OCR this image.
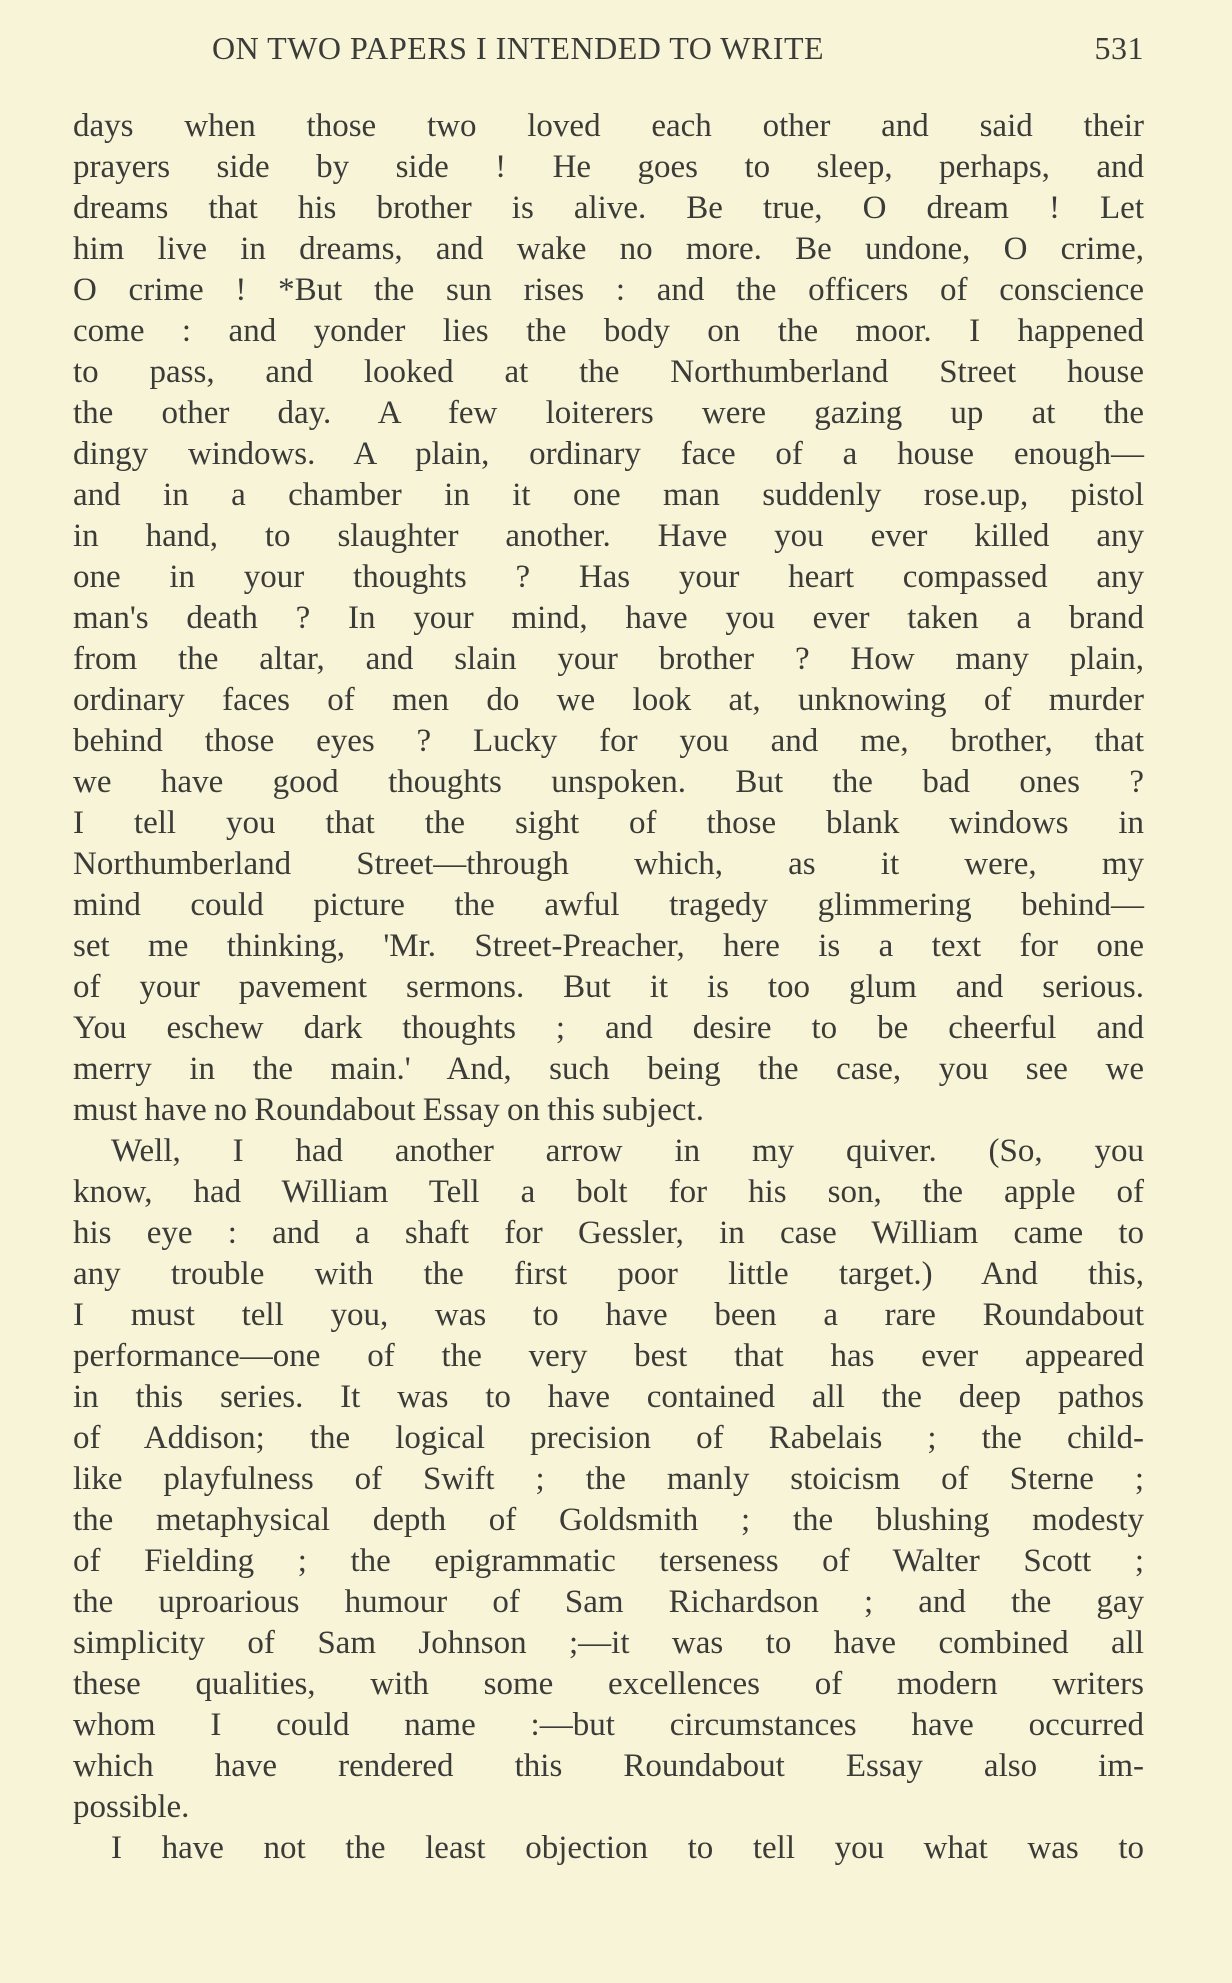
ON TWO PAPERS I INTENDED TO WRITE	531
days when those two loved each other and said their
prayers side by side ! He goes to sleep, perhaps, and
dreams that his brother is alive. Be true, O dream ! Let
him live in dreams, and wake no more. Be undone, O crime,
O crime ! *But the sun rises : and the officers of conscience
come : and yonder lies the body on the moor. I happened
to pass, and looked at the Northumberland Street house
the other day. A few loiterers were gazing up at the
dingy windows. A plain, ordinary face of a house enough—
and in a chamber in it one man suddenly rose.up, pistol
in hand, to slaughter another. Have you ever killed any
one in your thoughts ? Has your heart compassed any
man's death ? In your mind, have you ever taken a brand
from the altar, and slain your brother ? How many plain,
ordinary faces of men do we look at, unknowing of murder
behind those eyes ? Lucky for you and me, brother, that
we have good thoughts unspoken. But the bad ones ?
I tell you that the sight of those blank windows in
Northumberland Street—through which, as it were, my
mind could picture the awful tragedy glimmering behind—
set me thinking, 'Mr. Street-Preacher, here is a text for one
of your pavement sermons. But it is too glum and serious.
You eschew dark thoughts ; and desire to be cheerful and
merry in the main.' And, such being the case, you see we
must have no Roundabout Essay on this subject.
Well, I had another arrow in my quiver. (So, you
know, had William Tell a bolt for his son, the apple of
his eye : and a shaft for Gessler, in case William came to
any trouble with the first poor little target.) And this,
I must tell you, was to have been a rare Roundabout
performance—one of the very best that has ever appeared
in this series. It was to have contained all the deep pathos
of Addison; the logical precision of Rabelais ; the child-
like playfulness of Swift ; the manly stoicism of Sterne ;
the metaphysical depth of Goldsmith ; the blushing modesty
of Fielding ; the epigrammatic terseness of Walter Scott ;
the uproarious humour of Sam Richardson ; and the gay
simplicity of Sam Johnson ;—it was to have combined all
these qualities, with some excellences of modern writers
whom I could name :—but circumstances have occurred
which have rendered this Roundabout Essay also im-
possible.
I have not the least objection to tell you what was to
